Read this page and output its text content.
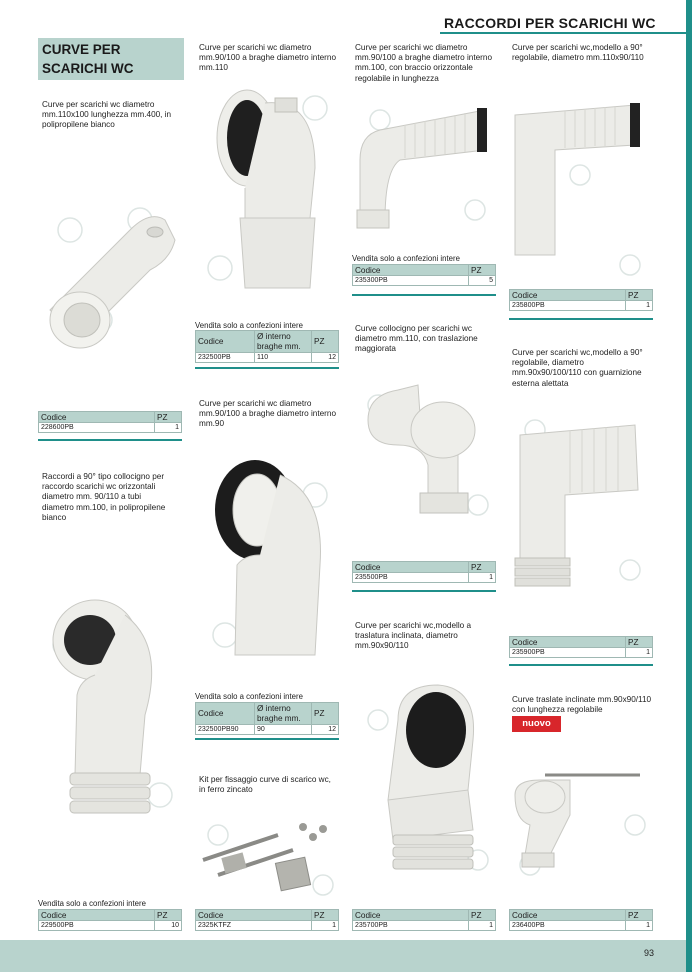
RACCORDI PER SCARICHI WC
CURVE PER SCARICHI WC
Curve per scarichi wc diametro mm.110x100 lunghezza mm.400, in polipropilene bianco
Codice	PZ
228600PB	1
Raccordi a 90° tipo collocigno per raccordo scarichi wc orizzontali diametro mm. 90/110 a tubi diametro mm.100, in polipropilene bianco
Vendita solo a confezioni intere
Codice	PZ
229500PB	10
Curve per scarichi wc diametro mm.90/100 a braghe diametro interno mm.110
Vendita solo a confezioni intere
Codice	Ø interno braghe mm.	PZ
232500PB	110	12
Curve per scarichi wc diametro mm.90/100 a braghe diametro interno mm.90
Vendita solo a confezioni intere
Codice	Ø interno braghe mm.	PZ
232500PB90	90	12
Kit per fissaggio curve di scarico wc, in ferro zincato
Codice	PZ
2325KTFZ	1
Curve per scarichi wc diametro mm.90/100 a braghe diametro interno mm.100, con braccio orizzontale regolabile in lunghezza
Vendita solo a confezioni intere
Codice	PZ
235300PB	5
Curve collocigno per scarichi wc diametro mm.110, con traslazione maggiorata
Codice	PZ
235500PB	1
Curve per scarichi wc,modello a traslatura inclinata, diametro mm.90x90/110
Codice	PZ
235700PB	1
Curve per scarichi wc,modello a 90° regolabile, diametro mm.110x90/110
Codice	PZ
235800PB	1
Curve per scarichi wc,modello a 90° regolabile, diametro mm.90x90/100/110 con guarnizione esterna alettata
Codice	PZ
235900PB	1
Curve traslate inclinate mm.90x90/110 con lunghezza regolabile
nuovo
Codice	PZ
236400PB	1
93
